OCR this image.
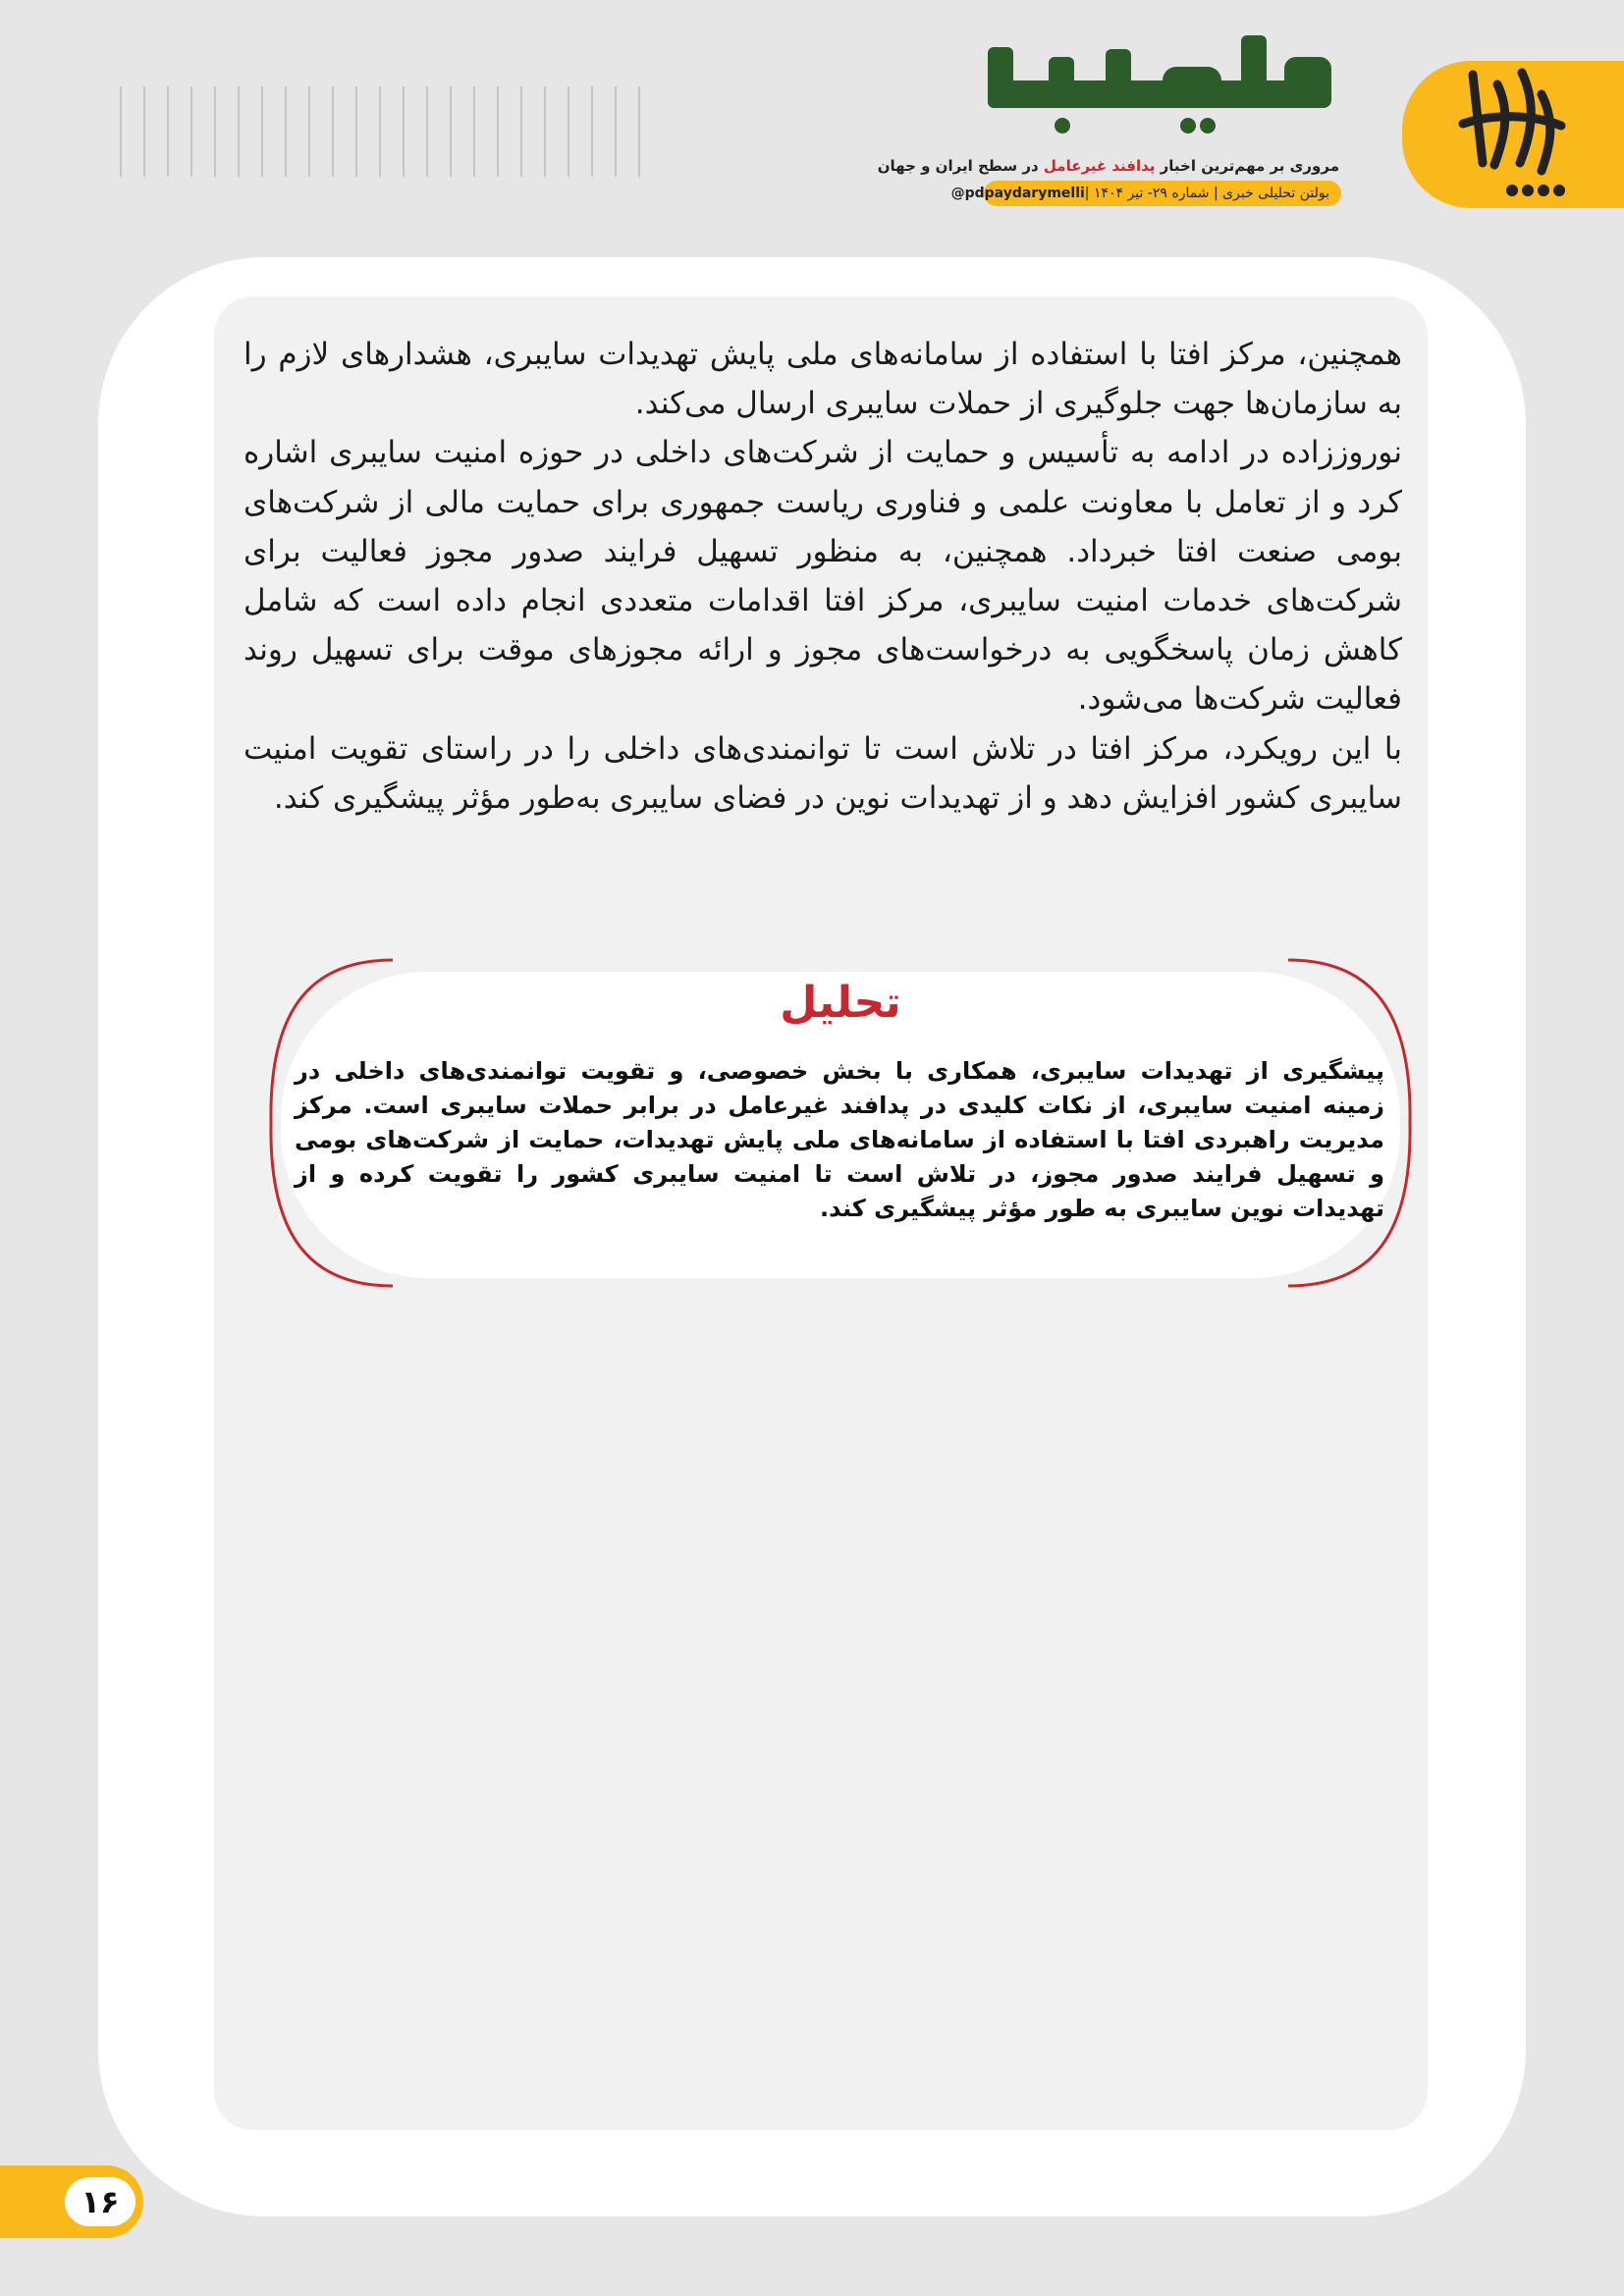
مروری بر مهم‌ترین اخبار پدافند غیرعامل در سطح ایران و جهان
بولتن تحلیلی خبری | شماره ۲۹- تیر ۱۴۰۴ |
@pdpaydarymelli

همچنین، مرکز افتا با استفاده از سامانه‌های ملی پایش تهدیدات سایبری، هشدارهای لازم را به سازمان‌ها جهت جلوگیری از حملات سایبری ارسال می‌کند.

نوروززاده در ادامه به تأسیس و حمایت از شرکت‌های داخلی در حوزه امنیت سایبری اشاره کرد و از تعامل با معاونت علمی و فناوری ریاست جمهوری برای حمایت مالی از شرکت‌های بومی صنعت افتا خبرداد. همچنین، به منظور تسهیل فرایند صدور مجوز فعالیت برای شرکت‌های خدمات امنیت سایبری، مرکز افتا اقدامات متعددی انجام داده است که شامل کاهش زمان پاسخگویی به درخواست‌های مجوز و ارائه مجوزهای موقت برای تسهیل روند فعالیت شرکت‌ها می‌شود.

با این رویکرد، مرکز افتا در تلاش است تا توانمندی‌های داخلی را در راستای تقویت امنیت سایبری کشور افزایش دهد و از تهدیدات نوین در فضای سایبری به‌طور مؤثر پیشگیری کند.

تحلیل
پیشگیری از تهدیدات سایبری، همکاری با بخش خصوصی، و تقویت توانمندی‌های داخلی در زمینه امنیت سایبری، از نکات کلیدی در پدافند غیرعامل در برابر حملات سایبری است. مرکز مدیریت راهبردی افتا با استفاده از سامانه‌های ملی پایش تهدیدات، حمایت از شرکت‌های بومی و تسهیل فرایند صدور مجوز، در تلاش است تا امنیت سایبری کشور را تقویت کرده و از تهدیدات نوین سایبری به طور مؤثر پیشگیری کند.
۱۶
